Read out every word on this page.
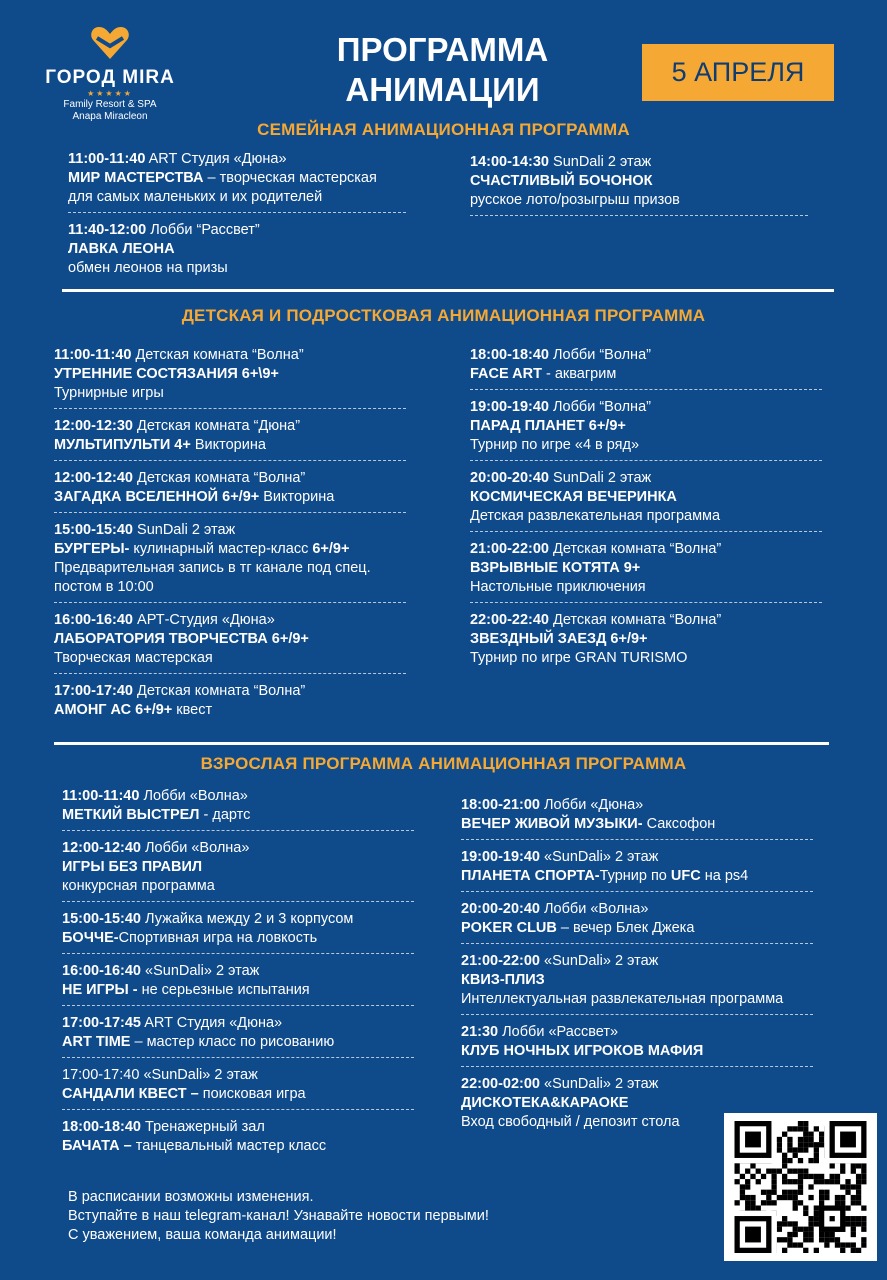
ГОРОД MIRA
★★★★★
Family Resort & SPA
Anapa Miracleon
ПРОГРАММА
АНИМАЦИИ	5 АПРЕЛЯ
СЕМЕЙНАЯ АНИМАЦИОННАЯ ПРОГРАММА
11:00-11:40 ART Студия «Дюна»
МИР МАСТЕРСТВА – творческая мастерская
для самых маленьких и их родителей
11:40-12:00 Лобби “Рассвет”
ЛАВКА ЛЕОНА
обмен леонов на призы
14:00-14:30 SunDali 2 этаж
СЧАСТЛИВЫЙ БОЧОНОК
русское лото/розыгрыш призов
ДЕТСКАЯ И ПОДРОСТКОВАЯ АНИМАЦИОННАЯ ПРОГРАММА
11:00-11:40 Детская комната “Волна”
УТРЕННИЕ СОСТЯЗАНИЯ 6+\9+
Турнирные игры
12:00-12:30 Детская комната “Дюна”
МУЛЬТИПУЛЬТИ 4+ Викторина
12:00-12:40 Детская комната “Волна”
ЗАГАДКА ВСЕЛЕННОЙ 6+/9+ Викторина
15:00-15:40 SunDali 2 этаж
БУРГЕРЫ- кулинарный мастер-класс 6+/9+
Предварительная запись в тг канале под спец.
постом в 10:00
16:00-16:40 АРТ-Студия «Дюна»
ЛАБОРАТОРИЯ ТВОРЧЕСТВА 6+/9+
Творческая мастерская
17:00-17:40 Детская комната “Волна”
АМОНГ АС 6+/9+ квест
18:00-18:40 Лобби “Волна”
FACE ART - аквагрим
19:00-19:40 Лобби “Волна”
ПАРАД ПЛАНЕТ 6+/9+
Турнир по игре «4 в ряд»
20:00-20:40 SunDali 2 этаж
КОСМИЧЕСКАЯ ВЕЧЕРИНКА
Детская развлекательная программа
21:00-22:00 Детская комната “Волна”
ВЗРЫВНЫЕ КОТЯТА 9+
Настольные приключения
22:00-22:40 Детская комната “Волна”
ЗВЕЗДНЫЙ ЗАЕЗД 6+/9+
Турнир по игре GRAN TURISMO
ВЗРОСЛАЯ ПРОГРАММА АНИМАЦИОННАЯ ПРОГРАММА
11:00-11:40 Лобби «Волна»
МЕТКИЙ ВЫСТРЕЛ - дартс
12:00-12:40 Лобби «Волна»
ИГРЫ БЕЗ ПРАВИЛ
конкурсная программа
15:00-15:40 Лужайка между 2 и 3 корпусом
БОЧЧЕ-Спортивная игра на ловкость
16:00-16:40 «SunDali» 2 этаж
НЕ ИГРЫ - не серьезные испытания
17:00-17:45 ART Студия «Дюна»
ART TIME – мастер класс по рисованию
17:00-17:40 «SunDali» 2 этаж
САНДАЛИ КВЕСТ – поисковая игра
18:00-18:40 Тренажерный зал
БАЧАТА – танцевальный мастер класс
18:00-21:00 Лобби «Дюна»
ВЕЧЕР ЖИВОЙ МУЗЫКИ- Саксофон
19:00-19:40 «SunDali» 2 этаж
ПЛАНЕТА СПОРТА-Турнир по UFC на ps4
20:00-20:40 Лобби «Волна»
POKER CLUB – вечер Блек Джека
21:00-22:00 «SunDali» 2 этаж
КВИЗ-ПЛИЗ
Интеллектуальная развлекательная программа
21:30 Лобби «Рассвет»
КЛУБ НОЧНЫХ ИГРОКОВ МАФИЯ
22:00-02:00 «SunDali» 2 этаж
ДИСКОТЕКА&КАРАОКЕ
Вход свободный / депозит стола
В расписании возможны изменения.
Вступайте в наш telegram-канал! Узнавайте новости первыми!
С уважением, ваша команда анимации!
